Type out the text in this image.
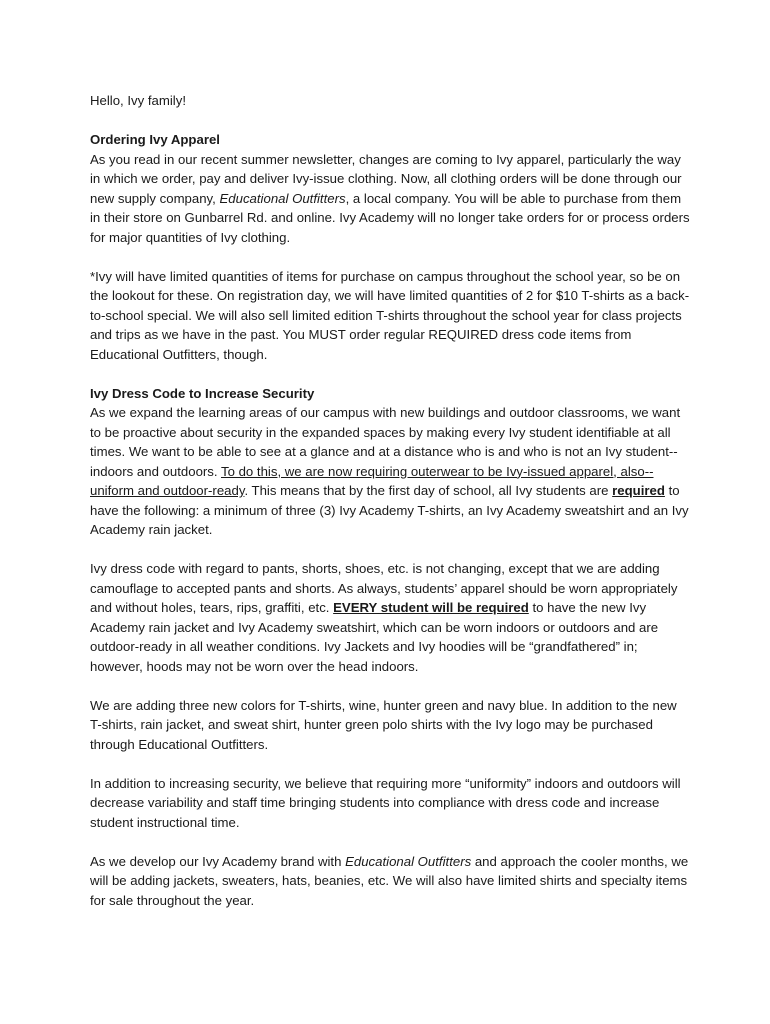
Hello, Ivy family!

Ordering Ivy Apparel
As you read in our recent summer newsletter, changes are coming to Ivy apparel, particularly the way in which we order, pay and deliver Ivy-issue clothing. Now, all clothing orders will be done through our new supply company, Educational Outfitters, a local company. You will be able to purchase from them in their store on Gunbarrel Rd. and online. Ivy Academy will no longer take orders for or process orders for major quantities of Ivy clothing.

*Ivy will have limited quantities of items for purchase on campus throughout the school year, so be on the lookout for these. On registration day, we will have limited quantities of 2 for $10 T-shirts as a back-to-school special. We will also sell limited edition T-shirts throughout the school year for class projects and trips as we have in the past. You MUST order regular REQUIRED dress code items from Educational Outfitters, though.

Ivy Dress Code to Increase Security
As we expand the learning areas of our campus with new buildings and outdoor classrooms, we want to be proactive about security in the expanded spaces by making every Ivy student identifiable at all times. We want to be able to see at a glance and at a distance who is and who is not an Ivy student--indoors and outdoors. To do this, we are now requiring outerwear to be Ivy-issued apparel, also--uniform and outdoor-ready. This means that by the first day of school, all Ivy students are required to have the following: a minimum of three (3) Ivy Academy T-shirts, an Ivy Academy sweatshirt and an Ivy Academy rain jacket.

Ivy dress code with regard to pants, shorts, shoes, etc. is not changing, except that we are adding camouflage to accepted pants and shorts. As always, students’ apparel should be worn appropriately and without holes, tears, rips, graffiti, etc. EVERY student will be required to have the new Ivy Academy rain jacket and Ivy Academy sweatshirt, which can be worn indoors or outdoors and are outdoor-ready in all weather conditions. Ivy Jackets and Ivy hoodies will be “grandfathered” in; however, hoods may not be worn over the head indoors.

We are adding three new colors for T-shirts, wine, hunter green and navy blue. In addition to the new T-shirts, rain jacket, and sweat shirt, hunter green polo shirts with the Ivy logo may be purchased through Educational Outfitters.

In addition to increasing security, we believe that requiring more “uniformity” indoors and outdoors will decrease variability and staff time bringing students into compliance with dress code and increase student instructional time.

As we develop our Ivy Academy brand with Educational Outfitters and approach the cooler months, we will be adding jackets, sweaters, hats, beanies, etc. We will also have limited shirts and specialty items for sale throughout the year.
